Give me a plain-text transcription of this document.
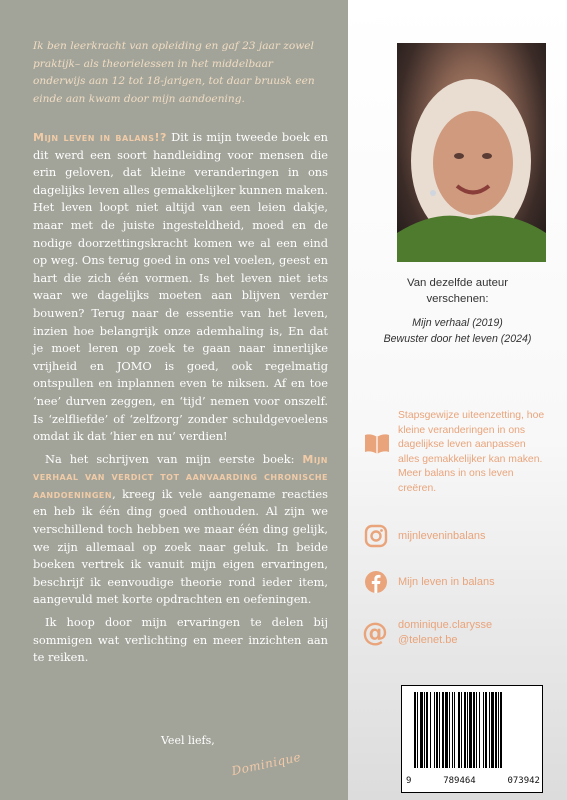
Ik ben leerkracht van opleiding en gaf 23 jaar zowel praktijk– als theorielessen in het middelbaar onderwijs aan 12 tot 18-jarigen, tot daar bruusk een einde aan kwam door mijn aandoening.

Mijn leven in balans!? Dit is mijn tweede boek en dit werd een soort handleiding voor mensen die erin geloven, dat kleine veranderingen in ons dagelijks leven alles gemakkelijker kunnen maken. Het leven loopt niet altijd van een leien dakje, maar met de juiste ingesteldheid, moed en de nodige doorzettingskracht komen we al een eind op weg. Ons terug goed in ons vel voelen, geest en hart die zich één vormen. Is het leven niet iets waar we dagelijks moeten aan blijven verder bouwen? Terug naar de essentie van het leven, inzien hoe belangrijk onze ademhaling is, En dat je moet leren op zoek te gaan naar innerlijke vrijheid en JOMO is goed, ook regelmatig ontspullen en inplannen even te niksen. Af en toe ‘nee’ durven zeggen, en ‘tijd’ nemen voor onszelf. Is ‘zelfliefde’ of ‘zelfzorg’ zonder schuldgevoelens omdat ik dat ‘hier en nu’ verdien!

Na het schrijven van mijn eerste boek: Mijn verhaal van verdict tot aanvaarding chronische aandoeningen, kreeg ik vele aangename reacties en heb ik één ding goed onthouden. Al zijn we verschillend toch hebben we maar één ding gelijk, we zijn allemaal op zoek naar geluk. In beide boeken vertrek ik vanuit mijn eigen ervaringen, beschrijf ik eenvoudige theorie rond ieder item, aangevuld met korte opdrachten en oefeningen.

Ik hoop door mijn ervaringen te delen bij sommigen wat verlichting en meer inzichten aan te reiken.

Veel liefs,
Dominique
Van dezelfde auteur
verschenen:
Mijn verhaal (2019)
Bewuster door het leven (2024)
Stapsgewijze uiteenzetting, hoe kleine veranderingen in ons dagelijkse leven aanpassen alles gemakkelijker kan maken. Meer balans in ons leven creëren.
mijnleveninbalans
Mijn leven in balans
@ dominique.clarysse
@telenet.be
9	789464	073942
